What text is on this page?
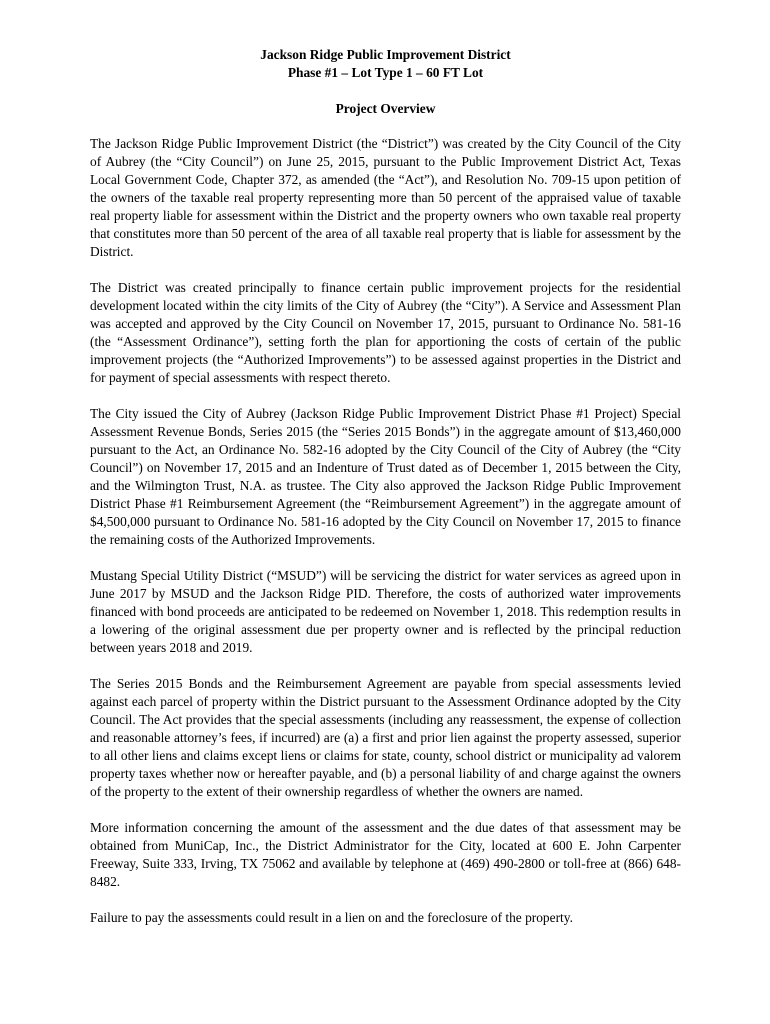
Jackson Ridge Public Improvement District

Phase #1 – Lot Type 1 – 60 FT Lot

Project Overview

The Jackson Ridge Public Improvement District (the “District”) was created by the City Council of the City of Aubrey (the “City Council”) on June 25, 2015, pursuant to the Public Improvement District Act, Texas Local Government Code, Chapter 372, as amended (the “Act”), and Resolution No. 709-15 upon petition of the owners of the taxable real property representing more than 50 percent of the appraised value of taxable real property liable for assessment within the District and the property owners who own taxable real property that constitutes more than 50 percent of the area of all taxable real property that is liable for assessment by the District.

The District was created principally to finance certain public improvement projects for the residential development located within the city limits of the City of Aubrey (the “City”). A Service and Assessment Plan was accepted and approved by the City Council on November 17, 2015, pursuant to Ordinance No. 581-16 (the “Assessment Ordinance”), setting forth the plan for apportioning the costs of certain of the public improvement projects (the “Authorized Improvements”) to be assessed against properties in the District and for payment of special assessments with respect thereto.

The City issued the City of Aubrey (Jackson Ridge Public Improvement District Phase #1 Project) Special Assessment Revenue Bonds, Series 2015 (the “Series 2015 Bonds”) in the aggregate amount of $13,460,000 pursuant to the Act, an Ordinance No. 582-16 adopted by the City Council of the City of Aubrey (the “City Council”) on November 17, 2015 and an Indenture of Trust dated as of December 1, 2015 between the City, and the Wilmington Trust, N.A. as trustee. The City also approved the Jackson Ridge Public Improvement District Phase #1 Reimbursement Agreement (the “Reimbursement Agreement”) in the aggregate amount of $4,500,000 pursuant to Ordinance No. 581-16 adopted by the City Council on November 17, 2015 to finance the remaining costs of the Authorized Improvements.

Mustang Special Utility District (“MSUD”) will be servicing the district for water services as agreed upon in June 2017 by MSUD and the Jackson Ridge PID. Therefore, the costs of authorized water improvements financed with bond proceeds are anticipated to be redeemed on November 1, 2018. This redemption results in a lowering of the original assessment due per property owner and is reflected by the principal reduction between years 2018 and 2019.

The Series 2015 Bonds and the Reimbursement Agreement are payable from special assessments levied against each parcel of property within the District pursuant to the Assessment Ordinance adopted by the City Council. The Act provides that the special assessments (including any reassessment, the expense of collection and reasonable attorney’s fees, if incurred) are (a) a first and prior lien against the property assessed, superior to all other liens and claims except liens or claims for state, county, school district or municipality ad valorem property taxes whether now or hereafter payable, and (b) a personal liability of and charge against the owners of the property to the extent of their ownership regardless of whether the owners are named.

More information concerning the amount of the assessment and the due dates of that assessment may be obtained from MuniCap, Inc., the District Administrator for the City, located at 600 E. John Carpenter Freeway, Suite 333, Irving, TX 75062 and available by telephone at (469) 490-2800 or toll-free at (866) 648-8482.

Failure to pay the assessments could result in a lien on and the foreclosure of the property.
